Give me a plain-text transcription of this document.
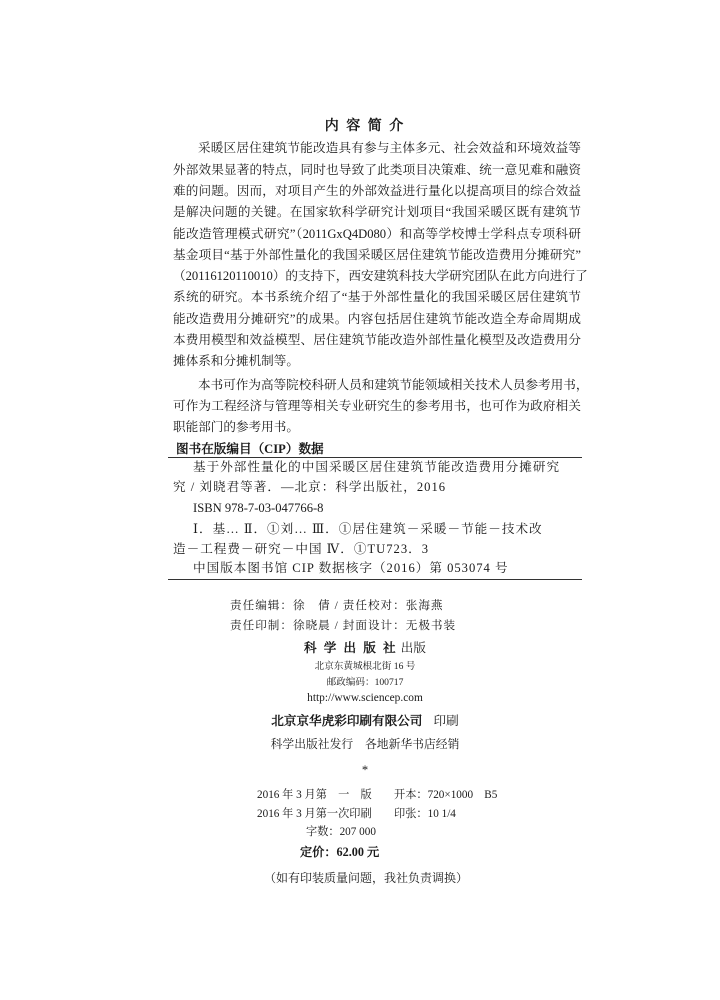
内 容 简 介
采暖区居住建筑节能改造具有参与主体多元、社会效益和环境效益等
外部效果显著的特点，同时也导致了此类项目决策难、统一意见难和融资
难的问题。因而，对项目产生的外部效益进行量化以提高项目的综合效益
是解决问题的关键。在国家软科学研究计划项目“我国采暖区既有建筑节
能改造管理模式研究”（2011GxQ4D080）和高等学校博士学科点专项科研
基金项目“基于外部性量化的我国采暖区居住建筑节能改造费用分摊研究”
（20116120110010）的支持下，西安建筑科技大学研究团队在此方向进行了
系统的研究。本书系统介绍了“基于外部性量化的我国采暖区居住建筑节
能改造费用分摊研究”的成果。内容包括居住建筑节能改造全寿命周期成
本费用模型和效益模型、居住建筑节能改造外部性量化模型及改造费用分
摊体系和分摊机制等。
本书可作为高等院校科研人员和建筑节能领域相关技术人员参考用书，
可作为工程经济与管理等相关专业研究生的参考用书，也可作为政府相关
职能部门的参考用书。
图书在版编目（CIP）数据
基于外部性量化的中国采暖区居住建筑节能改造费用分摊研究
究 / 刘晓君等著．—北京：科学出版社，2016
ISBN 978-7-03-047766-8
Ⅰ．基… Ⅱ．①刘… Ⅲ．①居住建筑－采暖－节能－技术改
造－工程费－研究－中国 Ⅳ．①TU723．3
中国版本图书馆 CIP 数据核字（2016）第 053074 号
责任编辑：徐　倩 / 责任校对：张海燕
责任印制：徐晓晨 / 封面设计：无极书装
科 学 出 版 社 出版
北京东黄城根北街 16 号
邮政编码：100717
http://www.sciencep.com
北京京华虎彩印刷有限公司 印刷
科学出版社发行　各地新华书店经销
*
2016 年 3 月第　一　版　　开本：720×1000　B5
2016 年 3 月第一次印刷　　印张：10 1/4
字数：207 000
定价：62.00 元
（如有印装质量问题，我社负责调换）
